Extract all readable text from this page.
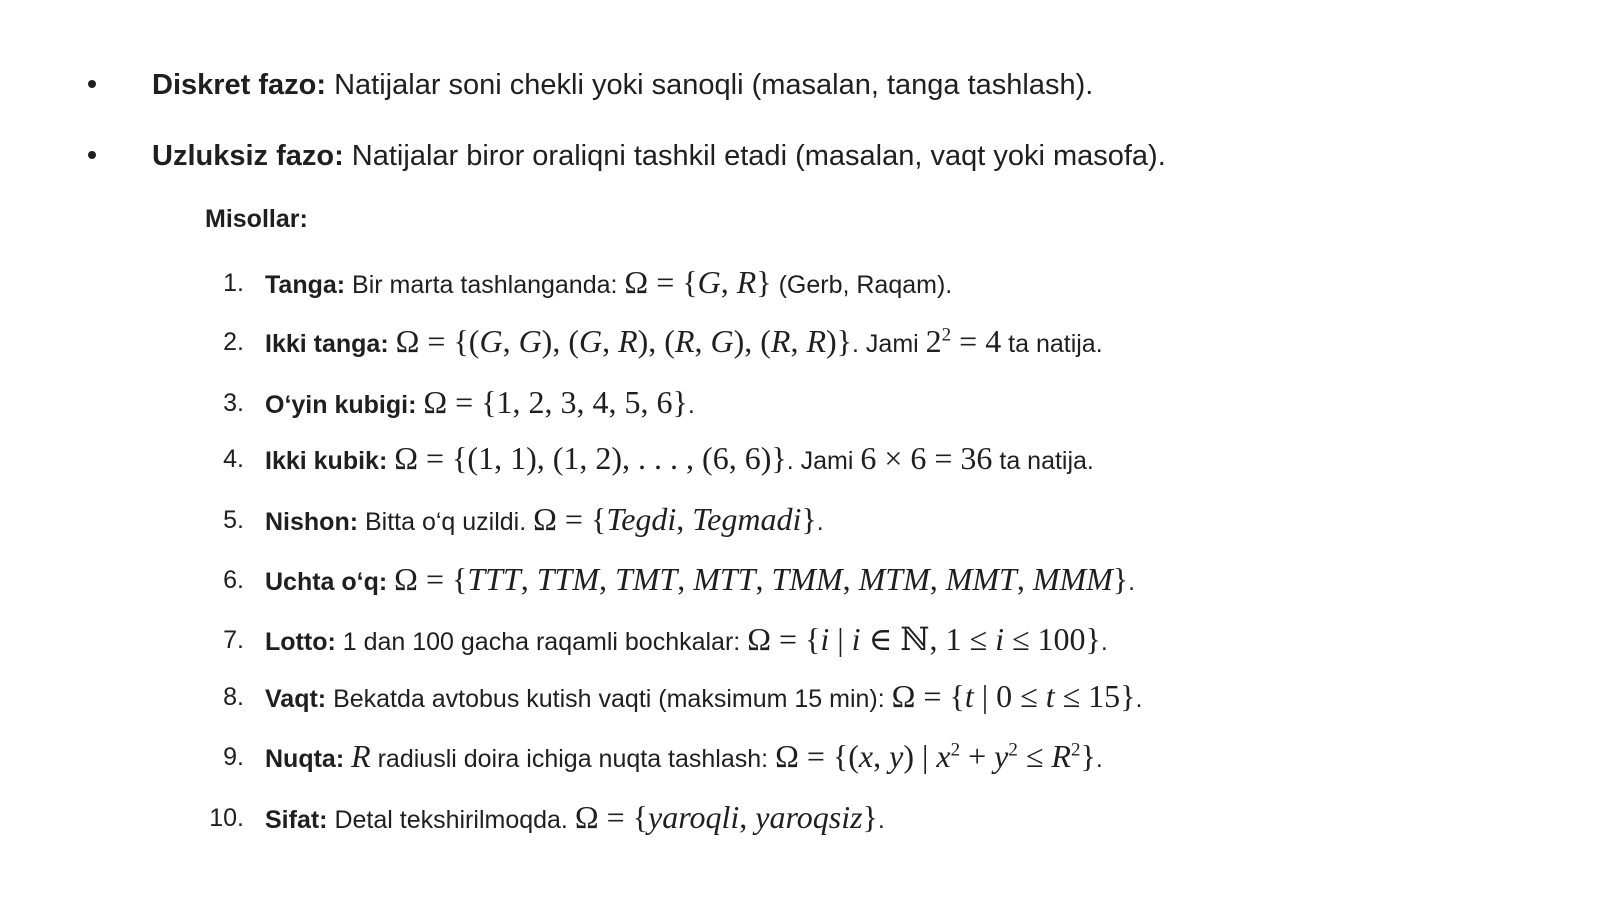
Diskret fazo: Natijalar soni chekli yoki sanoqli (masalan, tanga tashlash).
Uzluksiz fazo: Natijalar biror oraliqni tashkil etadi (masalan, vaqt yoki masofa).
Misollar:
1. Tanga: Bir marta tashlanganda: Ω = {G, R} (Gerb, Raqam).
2. Ikki tanga: Ω = {(G, G), (G, R), (R, G), (R, R)}. Jami $2^2 = 4$ ta natija.
3. O‘yin kubigi: Ω = {1, 2, 3, 4, 5, 6}.
4. Ikki kubik: Ω = {(1, 1), (1, 2), . . . , (6, 6)}. Jami 6 × 6 = 36 ta natija.
5. Nishon: Bitta o‘q uzildi. Ω = {Tegdi, Tegmadi}.
6. Uchta o‘q: Ω = {TTT, TTM, TMT, MTT, TMM, MTM, MMT, MMM}.
7. Lotto: 1 dan 100 gacha raqamli bochkalar: Ω = {i | i ∈ ℕ, 1 ≤ i ≤ 100}.
8. Vaqt: Bekatda avtobus kutish vaqti (maksimum 15 min): Ω = {t | 0 ≤ t ≤ 15}.
9. Nuqta: R radiusli doira ichiga nuqta tashlash: Ω = {(x, y) | $x^2 + y^2 \le R^2$}.
10. Sifat: Detal tekshirilmoqda. Ω = {yaroqli, yaroqsiz}.
